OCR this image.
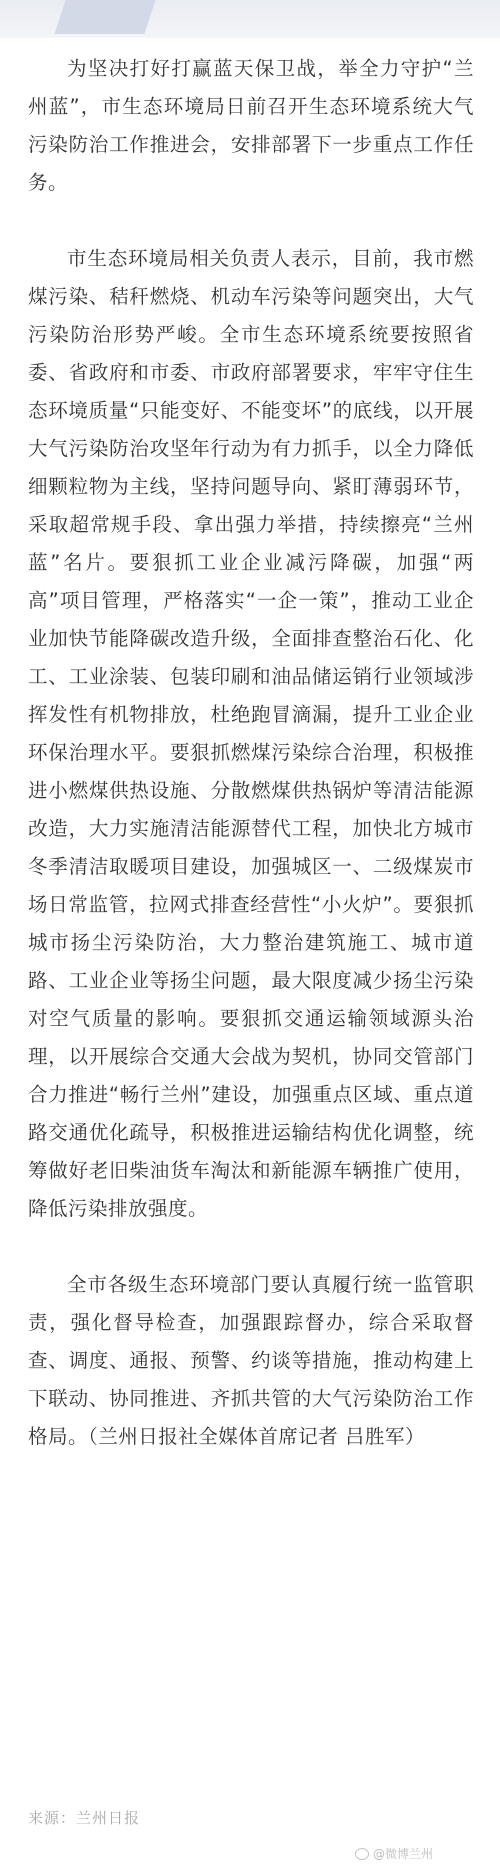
为坚决打好打赢蓝天保卫战，举全力守护“兰州蓝”，市生态环境局日前召开生态环境系统大气污染防治工作推进会，安排部署下一步重点工作任务。

市生态环境局相关负责人表示，目前，我市燃煤污染、秸秆燃烧、机动车污染等问题突出，大气污染防治形势严峻。全市生态环境系统要按照省委、省政府和市委、市政府部署要求，牢牢守住生态环境质量“只能变好、不能变坏”的底线，以开展大气污染防治攻坚年行动为有力抓手，以全力降低细颗粒物为主线，坚持问题导向、紧盯薄弱环节，采取超常规手段、拿出强力举措，持续擦亮“兰州蓝”名片。要狠抓工业企业减污降碳，加强“两高”项目管理，严格落实“一企一策”，推动工业企业加快节能降碳改造升级，全面排查整治石化、化工、工业涂装、包装印刷和油品储运销行业领域涉挥发性有机物排放，杜绝跑冒滴漏，提升工业企业环保治理水平。要狠抓燃煤污染综合治理，积极推进小燃煤供热设施、分散燃煤供热锅炉等清洁能源改造，大力实施清洁能源替代工程，加快北方城市冬季清洁取暖项目建设，加强城区一、二级煤炭市场日常监管，拉网式排查经营性“小火炉”。要狠抓城市扬尘污染防治，大力整治建筑施工、城市道路、工业企业等扬尘问题，最大限度减少扬尘污染对空气质量的影响。要狠抓交通运输领域源头治理，以开展综合交通大会战为契机，协同交管部门合力推进“畅行兰州”建设，加强重点区域、重点道路交通优化疏导，积极推进运输结构优化调整，统筹做好老旧柴油货车淘汰和新能源车辆推广使用，降低污染排放强度。

全市各级生态环境部门要认真履行统一监管职责，强化督导检查，加强跟踪督办，综合采取督查、调度、通报、预警、约谈等措施，推动构建上下联动、协同推进、齐抓共管的大气污染防治工作格局。（兰州日报社全媒体首席记者 吕胜军）

来源：兰州日报
@微博兰州
